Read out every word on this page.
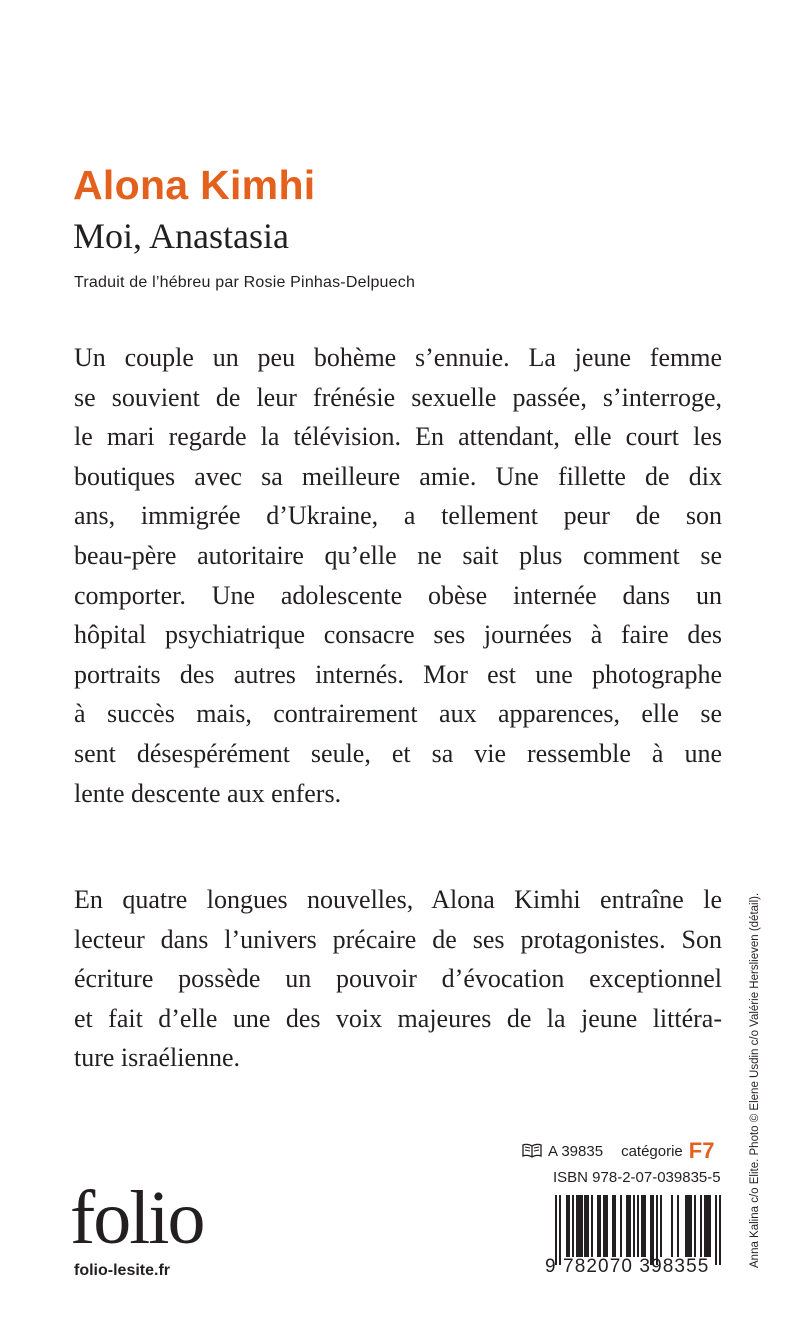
Alona Kimhi
Moi, Anastasia
Traduit de l’hébreu par Rosie Pinhas-Delpuech
Un couple un peu bohème s’ennuie. La jeune femme
se souvient de leur frénésie sexuelle passée, s’interroge,
le mari regarde la télévision. En attendant, elle court les
boutiques avec sa meilleure amie. Une fillette de dix
ans, immigrée d’Ukraine, a tellement peur de son
beau-père autoritaire qu’elle ne sait plus comment se
comporter. Une adolescente obèse internée dans un
hôpital psychiatrique consacre ses journées à faire des
portraits des autres internés. Mor est une photographe
à succès mais, contrairement aux apparences, elle se
sent désespérément seule, et sa vie ressemble à une
lente descente aux enfers.
En quatre longues nouvelles, Alona Kimhi entraîne le
lecteur dans l’univers précaire de ses protagonistes. Son
écriture possède un pouvoir d’évocation exceptionnel
et fait d’elle une des voix majeures de la jeune littéra-
ture israélienne.	Anna Kalina c/o Elite. Photo © Elene Usdin c/o Valérie Herslieven (détail).
A 39835 catégorie F7
ISBN 978-2-07-039835-5
9 782070 398355
folio
folio-lesite.fr
